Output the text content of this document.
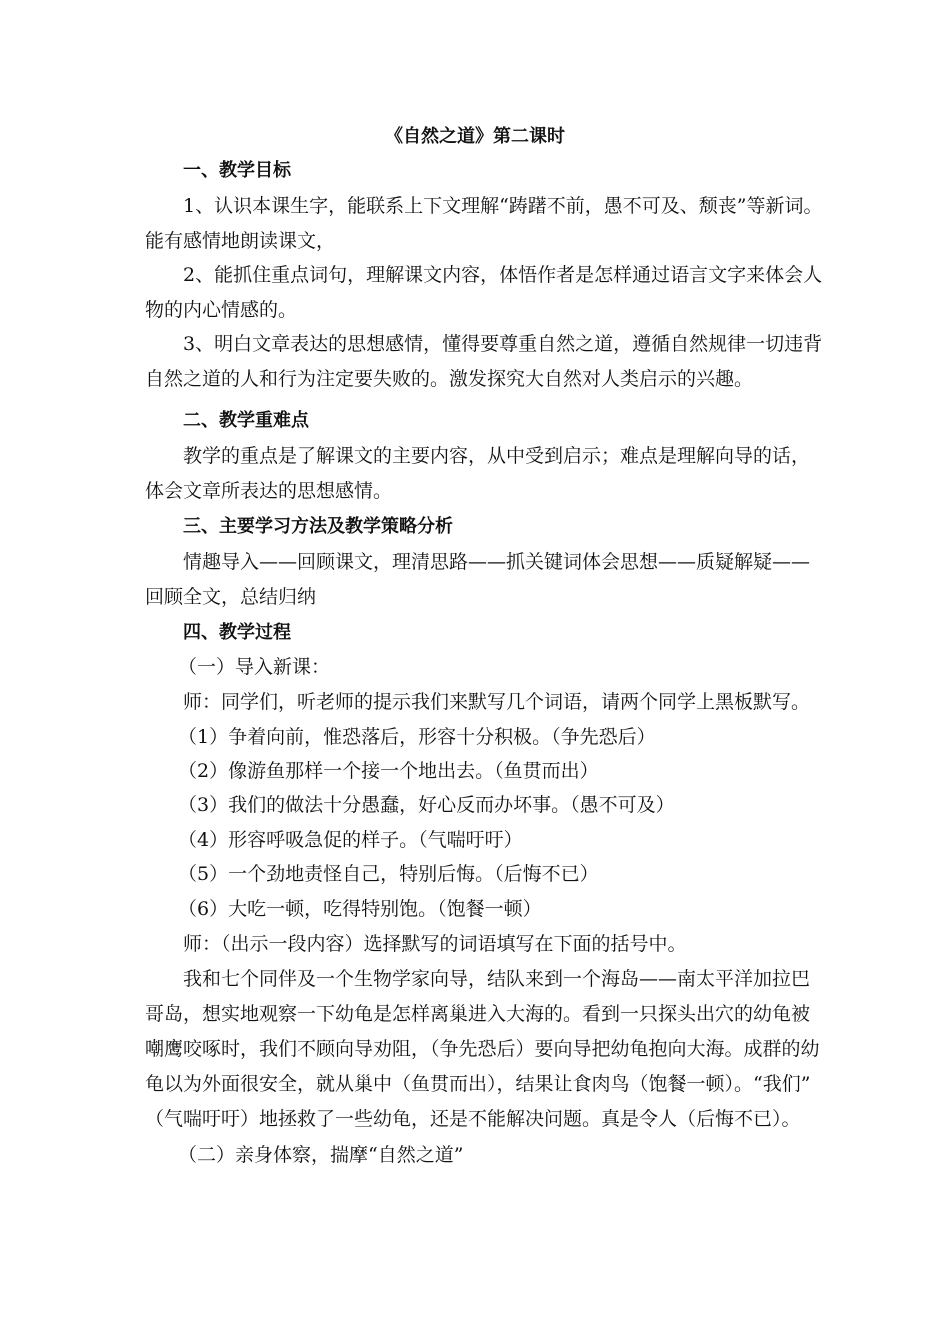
《自然之道》第二课时
一、教学目标
1、认识本课生字，能联系上下文理解“踌躇不前，愚不可及、颓丧”等新词。
能有感情地朗读课文，
2、能抓住重点词句，理解课文内容，体悟作者是怎样通过语言文字来体会人
物的内心情感的。
3、明白文章表达的思想感情，懂得要尊重自然之道，遵循自然规律一切违背
自然之道的人和行为注定要失败的。激发探究大自然对人类启示的兴趣。
二、教学重难点
教学的重点是了解课文的主要内容，从中受到启示；难点是理解向导的话，
体会文章所表达的思想感情。
三、主要学习方法及教学策略分析
情趣导入——回顾课文，理清思路——抓关键词体会思想——质疑解疑——
回顾全文，总结归纳
四、教学过程
（一）导入新课：
师：同学们，听老师的提示我们来默写几个词语，请两个同学上黑板默写。
（1）争着向前，惟恐落后，形容十分积极。（争先恐后）
（2）像游鱼那样一个接一个地出去。（鱼贯而出）
（3）我们的做法十分愚蠢，好心反而办坏事。（愚不可及）
（4）形容呼吸急促的样子。（气喘吁吁）
（5）一个劲地责怪自己，特别后悔。（后悔不已）
（6）大吃一顿，吃得特别饱。（饱餐一顿）
师：（出示一段内容）选择默写的词语填写在下面的括号中。
我和七个同伴及一个生物学家向导，结队来到一个海岛——南太平洋加拉巴
哥岛，想实地观察一下幼龟是怎样离巢进入大海的。看到一只探头出穴的幼龟被
嘲鹰咬啄时，我们不顾向导劝阻，（争先恐后）要向导把幼龟抱向大海。成群的幼
龟以为外面很安全，就从巢中（鱼贯而出），结果让食肉鸟（饱餐一顿）。“我们”
（气喘吁吁）地拯救了一些幼龟，还是不能解决问题。真是令人（后悔不已）。
（二）亲身体察，揣摩“自然之道”
